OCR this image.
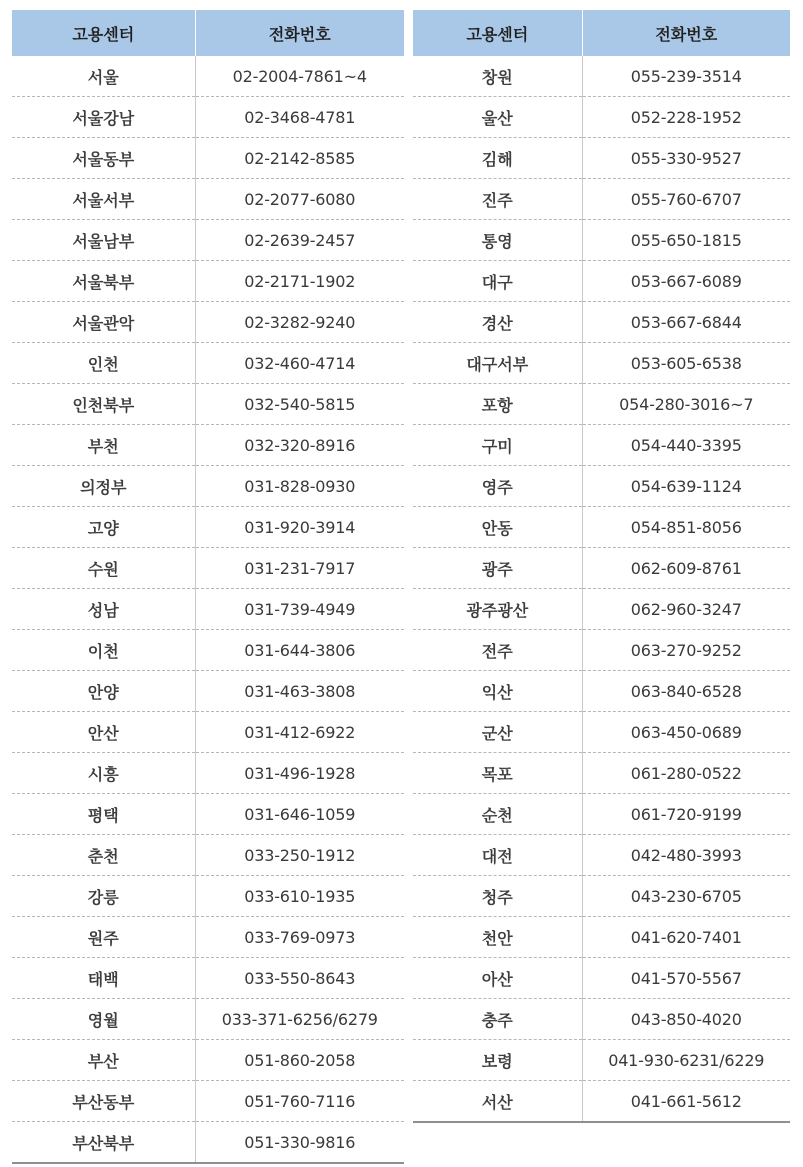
고용센터	전화번호
서울	02-2004-7861~4
서울강남	02-3468-4781
서울동부	02-2142-8585
서울서부	02-2077-6080
서울남부	02-2639-2457
서울북부	02-2171-1902
서울관악	02-3282-9240
인천	032-460-4714
인천북부	032-540-5815
부천	032-320-8916
의정부	031-828-0930
고양	031-920-3914
수원	031-231-7917
성남	031-739-4949
이천	031-644-3806
안양	031-463-3808
안산	031-412-6922
시흥	031-496-1928
평택	031-646-1059
춘천	033-250-1912
강릉	033-610-1935
원주	033-769-0973
태백	033-550-8643
영월	033-371-6256/6279
부산	051-860-2058
부산동부	051-760-7116
부산북부	051-330-9816
고용센터	전화번호
창원	055-239-3514
울산	052-228-1952
김해	055-330-9527
진주	055-760-6707
통영	055-650-1815
대구	053-667-6089
경산	053-667-6844
대구서부	053-605-6538
포항	054-280-3016~7
구미	054-440-3395
영주	054-639-1124
안동	054-851-8056
광주	062-609-8761
광주광산	062-960-3247
전주	063-270-9252
익산	063-840-6528
군산	063-450-0689
목포	061-280-0522
순천	061-720-9199
대전	042-480-3993
청주	043-230-6705
천안	041-620-7401
아산	041-570-5567
충주	043-850-4020
보령	041-930-6231/6229
서산	041-661-5612
